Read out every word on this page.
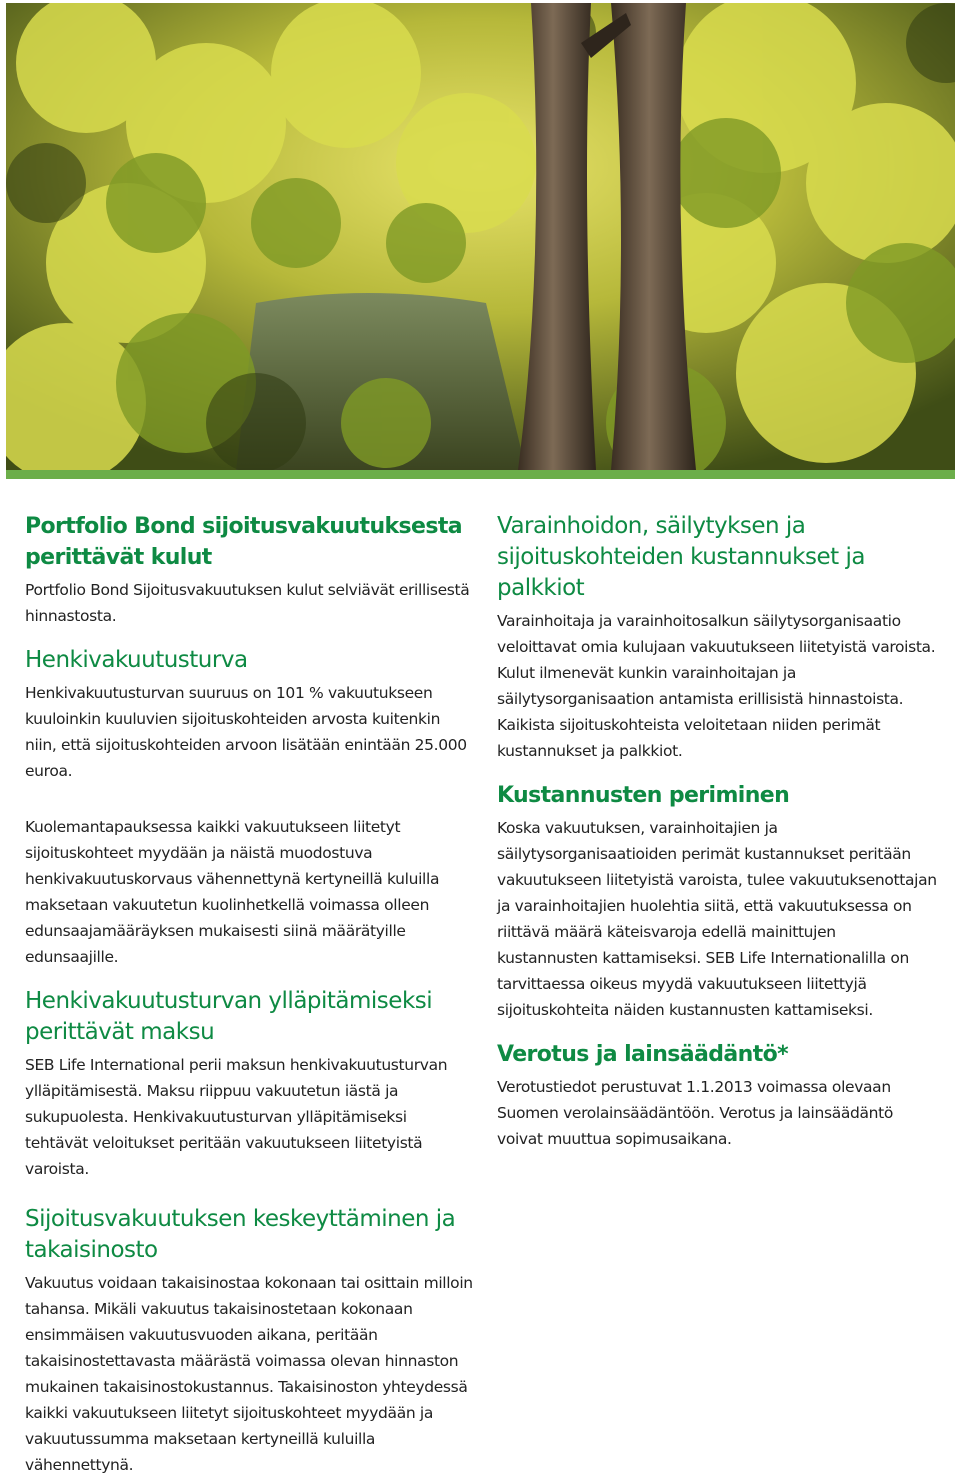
Portfolio Bond sijoitusvakuutuksesta
perittävät kulut

Portfolio Bond Sijoitusvakuutuksen kulut selviävät erillisestä hinnastosta.

Henkivakuutusturva

Henkivakuutusturvan suuruus on 101 % vakuutukseen kuuloinkin kuuluvien sijoituskohteiden arvosta kuitenkin niin, että sijoituskohteiden arvoon lisätään enintään 25.000 euroa.

Kuolemantapauksessa kaikki vakuutukseen liitetyt sijoituskohteet myydään ja näistä muodostuva henkivakuutuskorvaus vähennettynä kertyneillä kuluilla maksetaan vakuutetun kuolinhetkellä voimassa olleen edunsaajamääräyksen mukaisesti siinä määrätyille edunsaajille.

Henkivakuutusturvan ylläpitämiseksi
perittävät maksu

SEB Life International perii maksun henkivakuutusturvan ylläpitämisestä. Maksu riippuu vakuutetun iästä ja sukupuolesta. Henkivakuutusturvan ylläpitämiseksi tehtävät veloitukset peritään vakuutukseen liitetyistä varoista.

Sijoitusvakuutuksen keskeyttäminen ja
takaisinosto

Vakuutus voidaan takaisinostaa kokonaan tai osittain milloin tahansa. Mikäli vakuutus takaisinostetaan kokonaan ensimmäisen vakuutusvuoden aikana, peritään takaisinostettavasta määrästä voimassa olevan hinnaston mukainen takaisinostokustannus. Takaisinoston yhteydessä kaikki vakuutukseen liitetyt sijoituskohteet myydään ja vakuutussumma maksetaan kertyneillä kuluilla vähennettynä.

Varainhoidon, säilytyksen ja
sijoituskohteiden kustannukset ja palkkiot

Varainhoitaja ja varainhoitosalkun säilytysorganisaatio veloittavat omia kulujaan vakuutukseen liitetyistä varoista. Kulut ilmenevät kunkin varainhoitajan ja säilytysorganisaation antamista erillisistä hinnastoista. Kaikista sijoituskohteista veloitetaan niiden perimät kustannukset ja palkkiot.

Kustannusten periminen

Koska vakuutuksen, varainhoitajien ja säilytysorganisaatioiden perimät kustannukset peritään vakuutukseen liitetyistä varoista, tulee vakuutuksenottajan ja varainhoitajien huolehtia siitä, että vakuutuksessa on riittävä määrä käteisvaroja edellä mainittujen kustannusten kattamiseksi. SEB Life Internationalilla on tarvittaessa oikeus myydä vakuutukseen liitettyjä sijoituskohteita näiden kustannusten kattamiseksi.

Verotus ja lainsäädäntö*

Verotustiedot perustuvat 1.1.2013 voimassa olevaan Suomen verolainsäädäntöön. Verotus ja lainsäädäntö voivat muuttua sopimusaikana.
